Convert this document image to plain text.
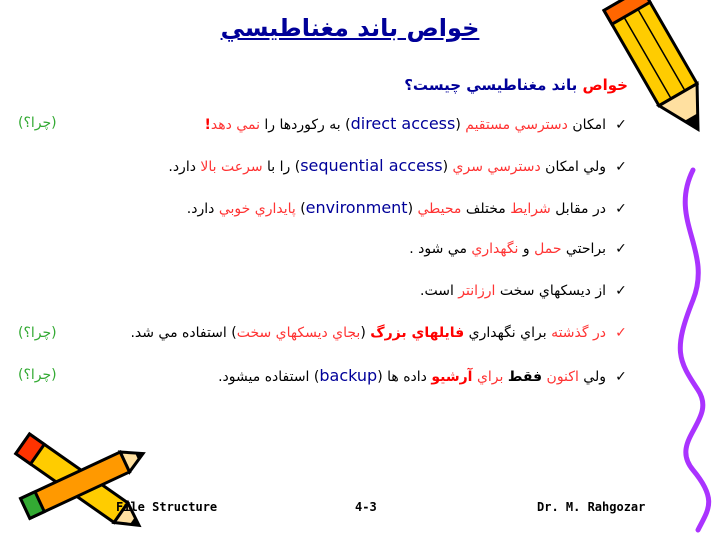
خواص باند مغناطيسي
خواص باند مغناطيسي چيست؟
✓امكان دسترسي مستقيم (direct access) به ركوردها را نمي دهد!
(چرا؟)
✓ولي امكان دسترسي سري (sequential access) را با سرعت بالا دارد.
✓در مقابل شرايط مختلف محيطي (environment) پايداري خوبي دارد.
✓براحتي حمل و نگهداري مي شود .
✓از ديسكهاي سخت ارزانتر است.
✓در گذشته براي نگهداري فايلهاي بزرگ (بجاي ديسكهاي سخت) استفاده مي شد.
(چرا؟)
✓ولي اكنون فقط براي آرشيو داده ها (backup) استفاده ميشود.
(چرا؟)
File Structure	4-3	Dr. M. Rahgozar
